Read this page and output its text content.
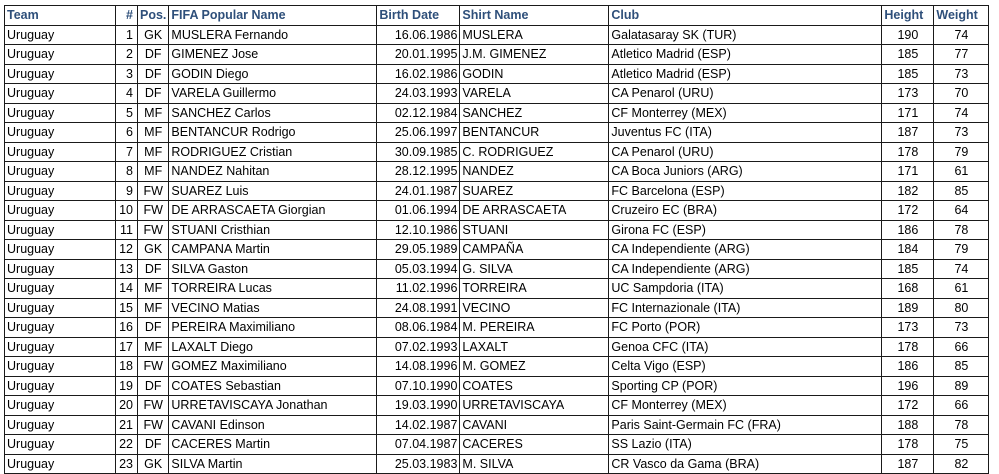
Team	#	Pos.	FIFA Popular Name	Birth Date	Shirt Name	Club	Height	Weight
Uruguay	1	GK	MUSLERA Fernando	16.06.1986	MUSLERA	Galatasaray SK (TUR)	190	74
Uruguay	2	DF	GIMENEZ Jose	20.01.1995	J.M. GIMENEZ	Atletico Madrid (ESP)	185	77
Uruguay	3	DF	GODIN Diego	16.02.1986	GODIN	Atletico Madrid (ESP)	185	73
Uruguay	4	DF	VARELA Guillermo	24.03.1993	VARELA	CA Penarol (URU)	173	70
Uruguay	5	MF	SANCHEZ Carlos	02.12.1984	SANCHEZ	CF Monterrey (MEX)	171	74
Uruguay	6	MF	BENTANCUR Rodrigo	25.06.1997	BENTANCUR	Juventus FC (ITA)	187	73
Uruguay	7	MF	RODRIGUEZ Cristian	30.09.1985	C. RODRIGUEZ	CA Penarol (URU)	178	79
Uruguay	8	MF	NANDEZ Nahitan	28.12.1995	NANDEZ	CA Boca Juniors (ARG)	171	61
Uruguay	9	FW	SUAREZ Luis	24.01.1987	SUAREZ	FC Barcelona (ESP)	182	85
Uruguay	10	FW	DE ARRASCAETA Giorgian	01.06.1994	DE ARRASCAETA	Cruzeiro EC (BRA)	172	64
Uruguay	11	FW	STUANI Cristhian	12.10.1986	STUANI	Girona FC (ESP)	186	78
Uruguay	12	GK	CAMPANA Martin	29.05.1989	CAMPAÑA	CA Independiente (ARG)	184	79
Uruguay	13	DF	SILVA Gaston	05.03.1994	G. SILVA	CA Independiente (ARG)	185	74
Uruguay	14	MF	TORREIRA Lucas	11.02.1996	TORREIRA	UC Sampdoria (ITA)	168	61
Uruguay	15	MF	VECINO Matias	24.08.1991	VECINO	FC Internazionale (ITA)	189	80
Uruguay	16	DF	PEREIRA Maximiliano	08.06.1984	M. PEREIRA	FC Porto (POR)	173	73
Uruguay	17	MF	LAXALT Diego	07.02.1993	LAXALT	Genoa CFC (ITA)	178	66
Uruguay	18	FW	GOMEZ Maximiliano	14.08.1996	M. GOMEZ	Celta Vigo (ESP)	186	85
Uruguay	19	DF	COATES Sebastian	07.10.1990	COATES	Sporting CP (POR)	196	89
Uruguay	20	FW	URRETAVISCAYA Jonathan	19.03.1990	URRETAVISCAYA	CF Monterrey (MEX)	172	66
Uruguay	21	FW	CAVANI Edinson	14.02.1987	CAVANI	Paris Saint-Germain FC (FRA)	188	78
Uruguay	22	DF	CACERES Martin	07.04.1987	CACERES	SS Lazio (ITA)	178	75
Uruguay	23	GK	SILVA Martin	25.03.1983	M. SILVA	CR Vasco da Gama (BRA)	187	82
